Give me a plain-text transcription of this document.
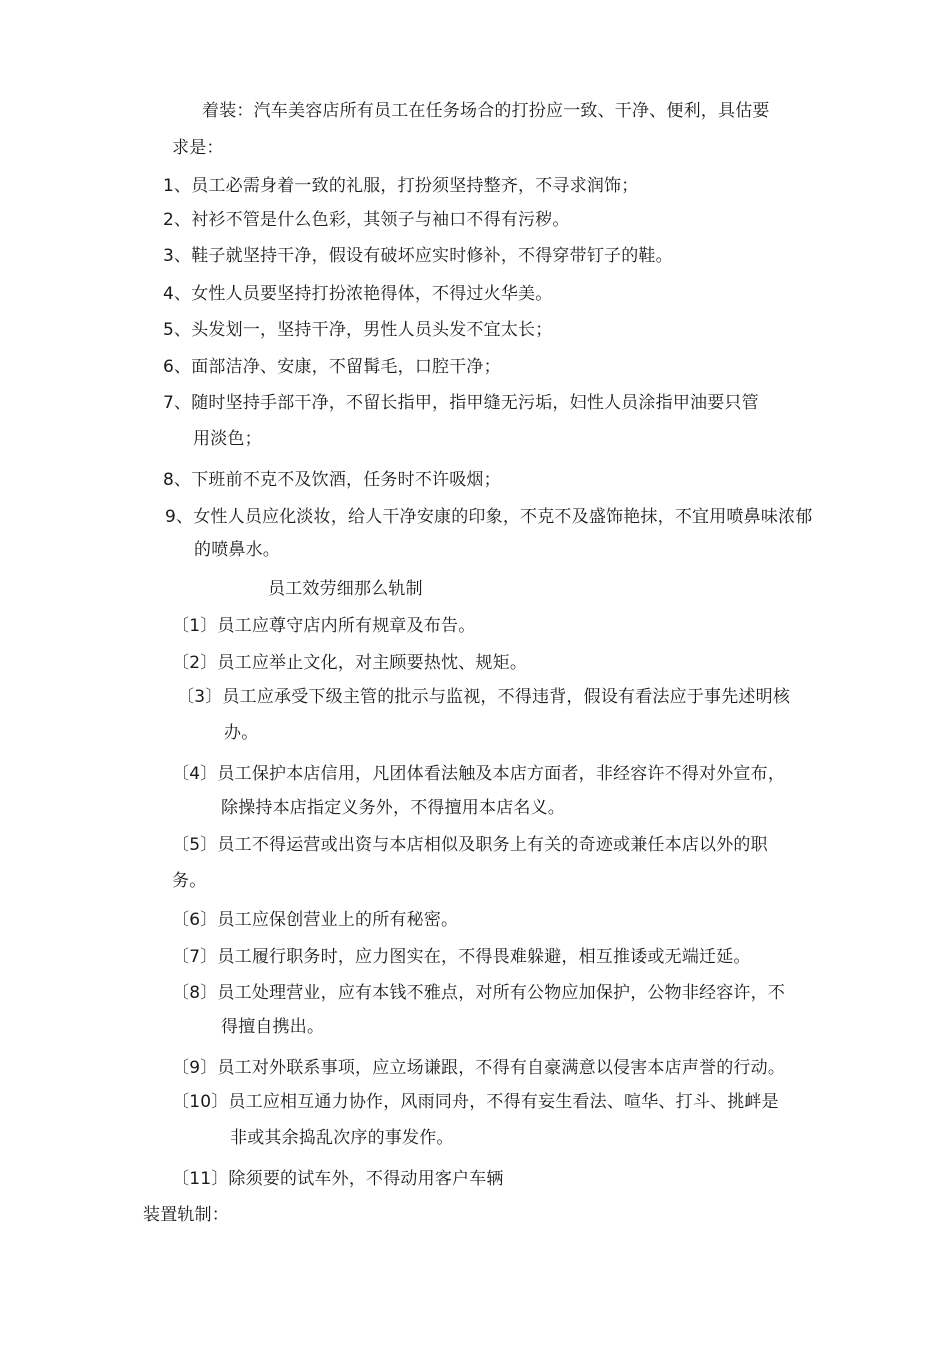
着装：汽车美容店所有员工在任务场合的打扮应一致、干净、便利，具估要
求是：
1、员工必需身着一致的礼服，打扮须坚持整齐，不寻求润饰；
2、衬衫不管是什么色彩，其领子与袖口不得有污秽。
3、鞋子就坚持干净，假设有破坏应实时修补，不得穿带钉子的鞋。
4、女性人员要坚持打扮浓艳得体，不得过火华美。
5、头发划一，坚持干净，男性人员头发不宜太长；
6、面部洁净、安康，不留髯毛，口腔干净；
7、随时坚持手部干净，不留长指甲，指甲缝无污垢，妇性人员涂指甲油要只管
用淡色；
8、下班前不克不及饮酒，任务时不许吸烟；
9、女性人员应化淡妆，给人干净安康的印象，不克不及盛饰艳抹，不宜用喷鼻味浓郁
的喷鼻水。
员工效劳细那么轨制
〔1〕员工应尊守店内所有规章及布告。
〔2〕员工应举止文化，对主顾要热忱、规矩。
〔3〕员工应承受下级主管的批示与监视，不得违背，假设有看法应于事先述明核
办。
〔4〕员工保护本店信用，凡团体看法触及本店方面者，非经容许不得对外宣布，
除操持本店指定义务外，不得擅用本店名义。
〔5〕员工不得运营或出资与本店相似及职务上有关的奇迹或兼任本店以外的职
务。
〔6〕员工应保创营业上的所有秘密。
〔7〕员工履行职务时，应力图实在，不得畏难躲避，相互推诿或无端迁延。
〔8〕员工处理营业，应有本钱不雅点，对所有公物应加保护，公物非经容许，不
得擅自携出。
〔9〕员工对外联系事项，应立场谦跟，不得有自豪满意以侵害本店声誉的行动。
〔10〕员工应相互通力协作，风雨同舟，不得有妄生看法、喧华、打斗、挑衅是
非或其余捣乱次序的事发作。
〔11〕除须要的试车外，不得动用客户车辆
装置轨制：
